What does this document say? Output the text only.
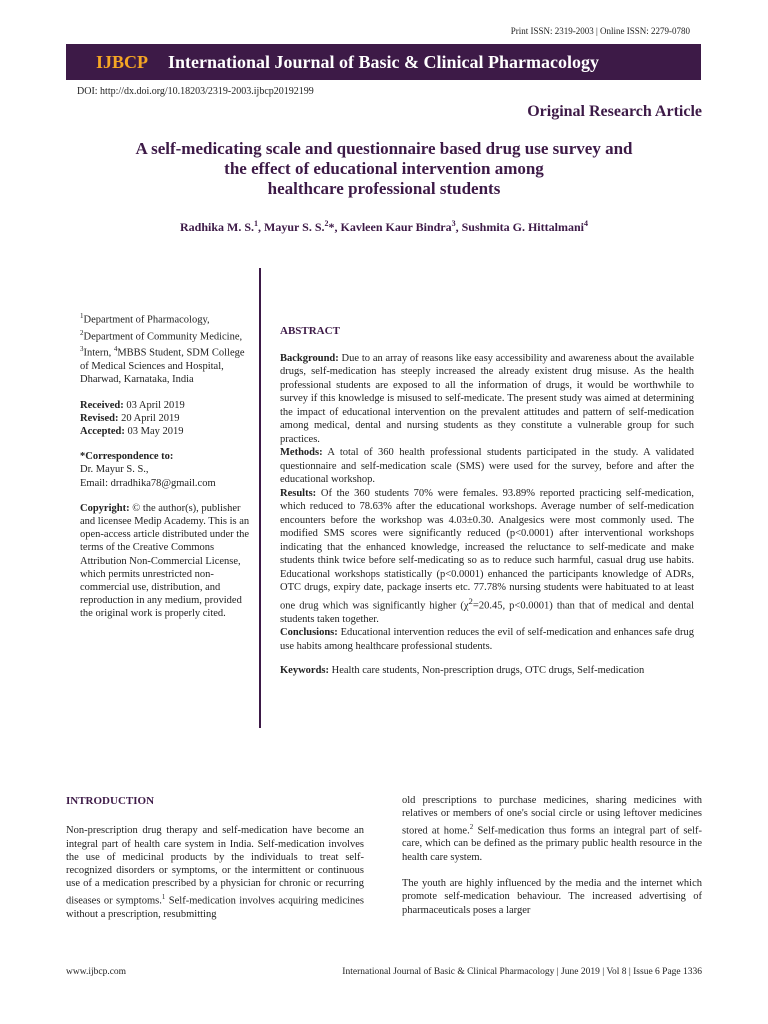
Print ISSN: 2319-2003 | Online ISSN: 2279-0780
IJBCP International Journal of Basic & Clinical Pharmacology
DOI: http://dx.doi.org/10.18203/2319-2003.ijbcp20192199
Original Research Article
A self-medicating scale and questionnaire based drug use survey and
the effect of educational intervention among
healthcare professional students
Radhika M. S.$^1$, Mayur S. S.$^2$*, Kavleen Kaur Bindra$^3$, Sushmita G. Hittalmani$^4$

$^1$Department of Pharmacology,
$^2$Department of Community Medicine, $^3$Intern, $^4$MBBS Student, SDM College of Medical Sciences and Hospital, Dharwad, Karnataka, India

Received: 03 April 2019
Revised: 20 April 2019
Accepted: 03 May 2019

*Correspondence to:
Dr. Mayur S. S.,
Email: drradhika78@gmail.com

Copyright: © the author(s), publisher and licensee Medip Academy. This is an open-access article distributed under the terms of the Creative Commons Attribution Non-Commercial License, which permits unrestricted non-commercial use, distribution, and reproduction in any medium, provided the original work is properly cited.

ABSTRACT

Background: Due to an array of reasons like easy accessibility and awareness about the available drugs, self-medication has steeply increased the already existent drug misuse. As the health professional students are exposed to all the information of drugs, it would be worthwhile to survey if this knowledge is misused to self-medicate. The present study was aimed at determining the impact of educational intervention on the prevalent attitudes and pattern of self-medication among medical, dental and nursing students as they constitute a vulnerable group for such practices.

Methods: A total of 360 health professional students participated in the study. A validated questionnaire and self-medication scale (SMS) were used for the survey, before and after the educational workshop.

Results: Of the 360 students 70% were females. 93.89% reported practicing self-medication, which reduced to 78.63% after the educational workshops. Average number of self-medication encounters before the workshop was 4.03±0.30. Analgesics were most commonly used. The modified SMS scores were significantly reduced (p<0.0001) after interventional workshops indicating that the enhanced knowledge, increased the reluctance to self-medicate and make students think twice before self-medicating so as to reduce such harmful, casual drug use habits. Educational workshops statistically (p<0.0001) enhanced the participants knowledge of ADRs, OTC drugs, expiry date, package inserts etc. 77.78% nursing students were habituated to at least one drug which was significantly higher ($\chi^2=20.45$, p<0.0001) than that of medical and dental students taken together.

Conclusions: Educational intervention reduces the evil of self-medication and enhances safe drug use habits among healthcare professional students.

Keywords: Health care students, Non-prescription drugs, OTC drugs, Self-medication

INTRODUCTION

Non-prescription drug therapy and self-medication have become an integral part of health care system in India. Self-medication involves the use of medicinal products by the individuals to treat self-recognized disorders or symptoms, or the intermittent or continuous use of a medication prescribed by a physician for chronic or recurring diseases or symptoms.$^1$ Self-medication involves acquiring medicines without a prescription, resubmitting

old prescriptions to purchase medicines, sharing medicines with relatives or members of one's social circle or using leftover medicines stored at home.$^2$ Self-medication thus forms an integral part of self-care, which can be defined as the primary public health resource in the health care system.

The youth are highly influenced by the media and the internet which promote self-medication behaviour. The increased advertising of pharmaceuticals poses a larger

www.ijbcp.com	International Journal of Basic & Clinical Pharmacology | June 2019 | Vol 8 | Issue 6 Page 1336
